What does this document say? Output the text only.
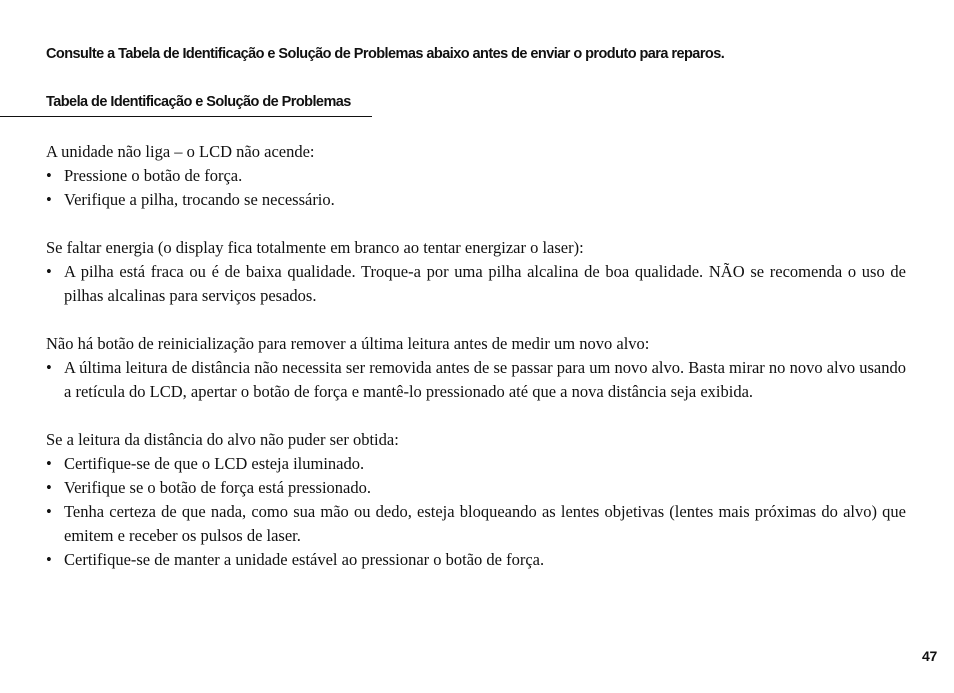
Consulte a Tabela de Identificação e Solução de Problemas abaixo antes de enviar o produto para reparos.

Tabela de Identificação e Solução de Problemas

A unidade não liga – o LCD não acende:

• Pressione o botão de força.
• Verifique a pilha, trocando se necessário.

Se faltar energia (o display fica totalmente em branco ao tentar energizar o laser):

• A pilha está fraca ou é de baixa qualidade. Troque-a por uma pilha alcalina de boa qualidade. NÃO se recomenda o uso de pilhas alcalinas para serviços pesados.

Não há botão de reinicialização para remover a última leitura antes de medir um novo alvo:

• A última leitura de distância não necessita ser removida antes de se passar para um novo alvo. Basta mirar no novo alvo usando a retícula do LCD, apertar o botão de força e mantê-lo pressionado até que a nova distância seja exibida.

Se a leitura da distância do alvo não puder ser obtida:

• Certifique-se de que o LCD esteja iluminado.
• Verifique se o botão de força está pressionado.
• Tenha certeza de que nada, como sua mão ou dedo, esteja bloqueando as lentes objetivas (lentes mais próximas do alvo) que emitem e receber os pulsos de laser.
• Certifique-se de manter a unidade estável ao pressionar o botão de força.
47
